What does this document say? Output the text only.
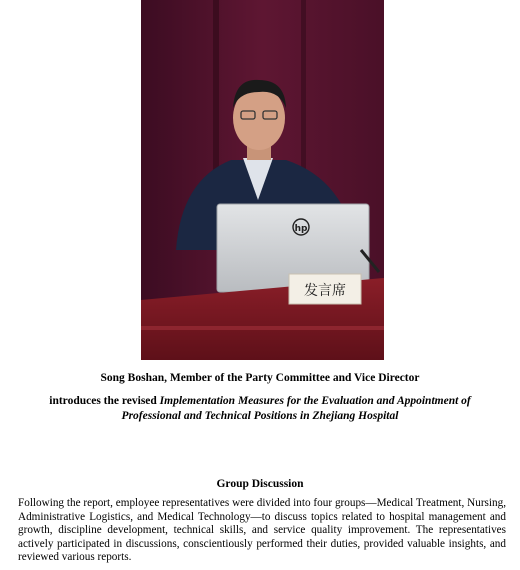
hp
发言席
Song Boshan, Member of the Party Committee and Vice Director
introduces the revised Implementation Measures for the Evaluation and Appointment of
Professional and Technical Positions in Zhejiang Hospital
Group Discussion
Following the report, employee representatives were divided into four groups—Medical Treatment, Nursing, Administrative Logistics, and Medical Technology—to discuss topics related to hospital management and growth, discipline development, technical skills, and service quality improvement. The representatives actively participated in discussions, conscientiously performed their duties, provided valuable insights, and reviewed various reports.
